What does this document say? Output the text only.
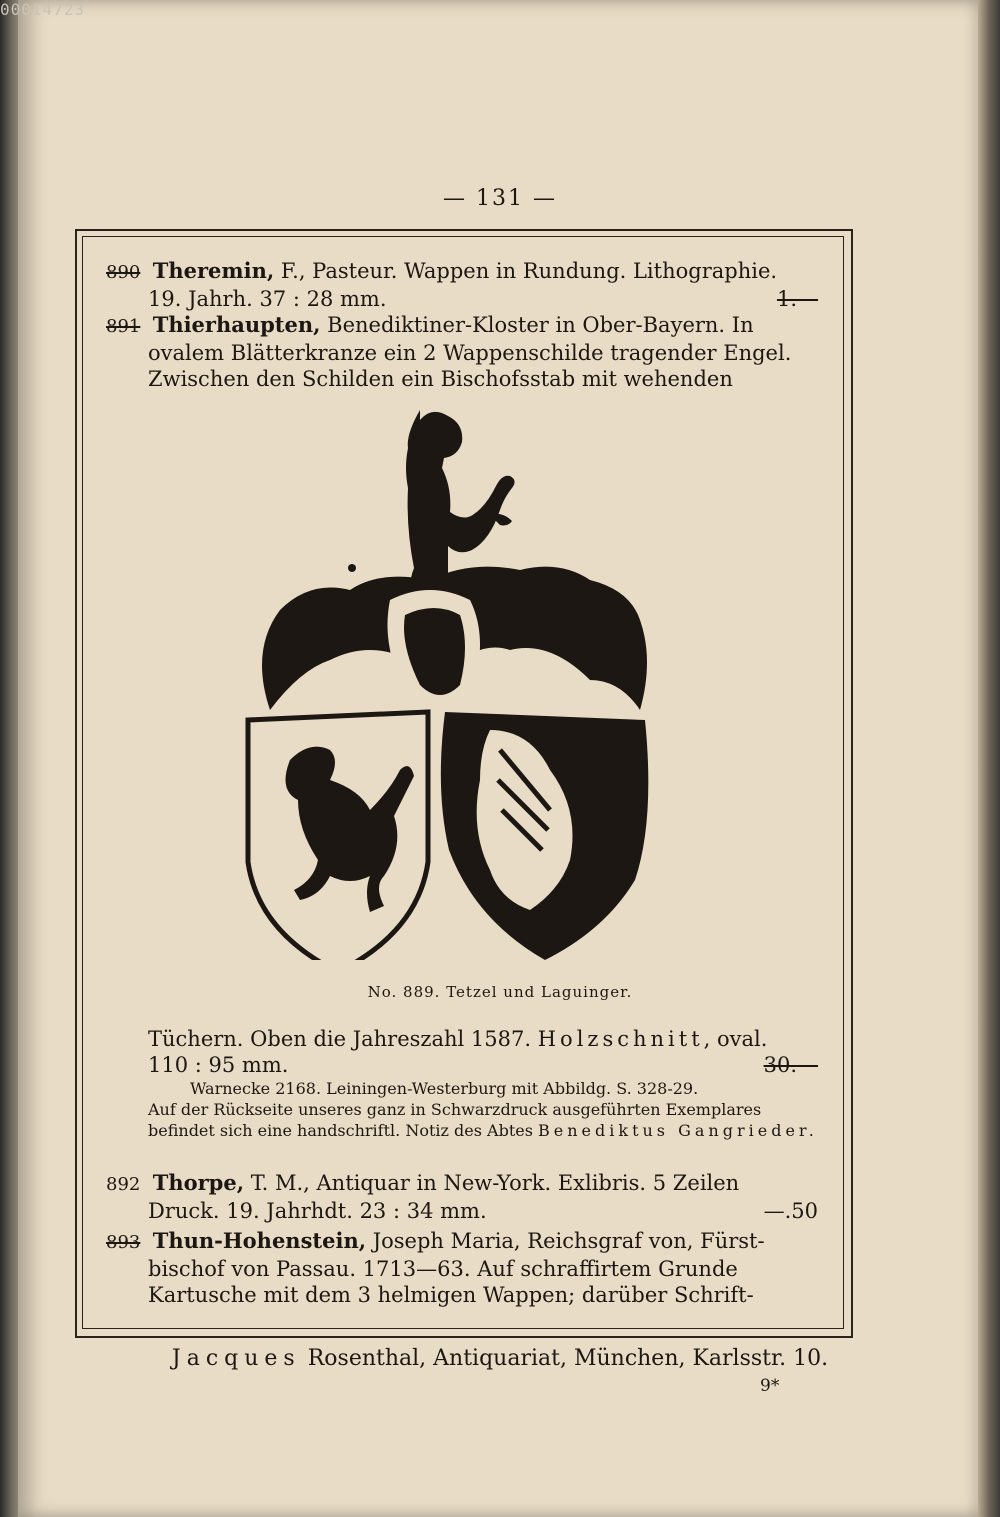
00014723
— 131 —

890 Theremin, F., Pasteur. Wappen in Rundung. Lithographie.

19. Jahrh. 37 : 28 mm.	1.—

891 Thierhaupten, Benediktiner-Kloster in Ober-Bayern. In

ovalem Blätterkranze ein 2 Wappenschilde tragender Engel.

Zwischen den Schilden ein Bischofsstab mit wehenden

No. 889. Tetzel und Laguinger.

Tüchern. Oben die Jahreszahl 1587. Holzschnitt, oval.

110 : 95 mm.	30.—

Warnecke 2168. Leiningen-Westerburg mit Abbildg. S. 328-29.

Auf der Rückseite unseres ganz in Schwarzdruck ausgeführten Exemplares

befindet sich eine handschriftl. Notiz des Abtes Benediktus Gangrieder.

892 Thorpe, T. M., Antiquar in New-York. Exlibris. 5 Zeilen

Druck. 19. Jahrhdt. 23 : 34 mm.	—.50

893 Thun-Hohenstein, Joseph Maria, Reichsgraf von, Fürst-

bischof von Passau. 1713—63. Auf schraffirtem Grunde

Kartusche mit dem 3 helmigen Wappen; darüber Schrift-

Jacques Rosenthal, Antiquariat, München, Karlsstr. 10.
9*
